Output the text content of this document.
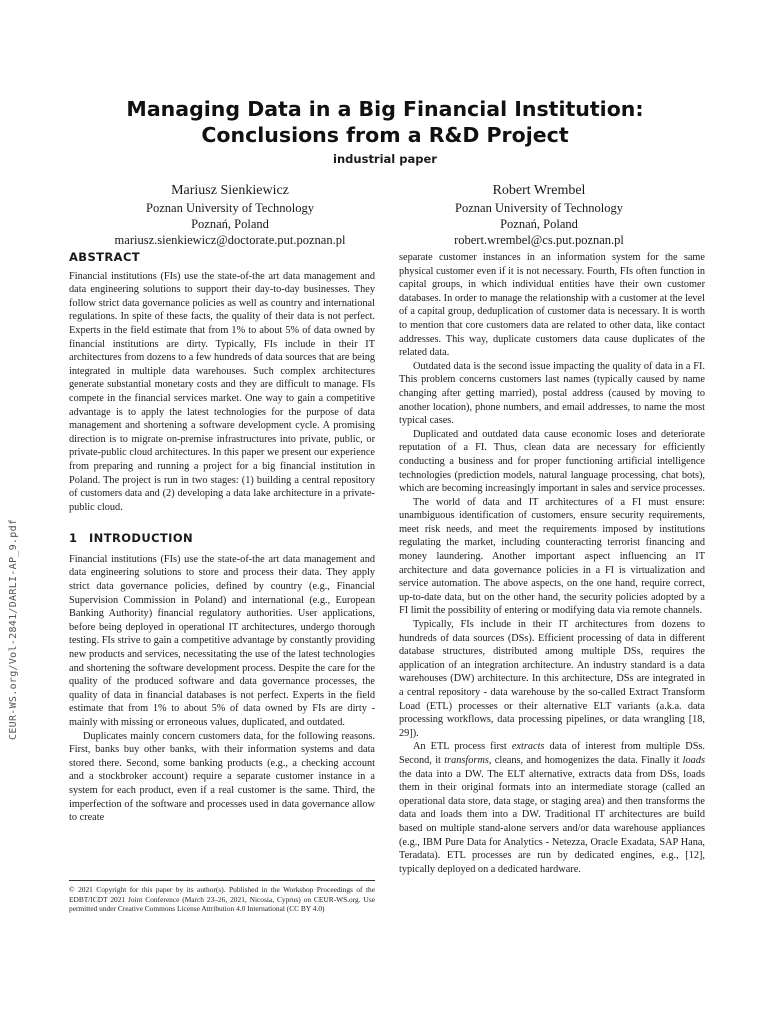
CEUR-WS.org/Vol-2841/DARLI-AP_9.pdf
Managing Data in a Big Financial Institution:
Conclusions from a R&D Project
industrial paper
Mariusz Sienkiewicz
Poznan University of Technology
Poznań, Poland
mariusz.sienkiewicz@doctorate.put.poznan.pl
Robert Wrembel
Poznan University of Technology
Poznań, Poland
robert.wrembel@cs.put.poznan.pl
ABSTRACT

Financial institutions (FIs) use the state-of-the art data management and data engineering solutions to support their day-to-day businesses. They follow strict data governance policies as well as country and international regulations. In spite of these facts, the quality of their data is not perfect. Experts in the field estimate that from 1% to about 5% of data owned by financial institutions are dirty. Typically, FIs include in their IT architectures from dozens to a few hundreds of data sources that are being integrated in multiple data warehouses. Such complex architectures generate substantial monetary costs and they are difficult to manage. FIs compete in the financial services market. One way to gain a competitive advantage is to apply the latest technologies for the purpose of data management and shortening a software development cycle. A promising direction is to migrate on-premise infrastructures into private, public, or private-public cloud architectures. In this paper we present our experience from preparing and running a project for a big financial institution in Poland. The project is run in two stages: (1) building a central repository of customers data and (2) developing a data lake architecture in a private-public cloud.

1	INTRODUCTION

Financial institutions (FIs) use the state-of-the art data management and data engineering solutions to store and process their data. They apply strict data governance policies, defined by country (e.g., Financial Supervision Commission in Poland) and international (e.g., European Banking Authority) financial regulatory authorities. User applications, before being deployed in operational IT architectures, undergo thorough testing. FIs strive to gain a competitive advantage by constantly providing new products and services, necessitating the use of the latest technologies and shortening the software development process. Despite the care for the quality of the produced software and data governance processes, the quality of data in financial databases is not perfect. Experts in the field estimate that from 1% to about 5% of data owned by FIs are dirty - mainly with missing or erroneous values, duplicated, and outdated.

Duplicates mainly concern customers data, for the following reasons. First, banks buy other banks, with their information systems and data stored there. Second, some banking products (e.g., a checking account and a stockbroker account) require a separate customer instance in a system for each product, even if a real customer is the same. Third, the imperfection of the software and processes used in data governance allow to create

separate customer instances in an information system for the same physical customer even if it is not necessary. Fourth, FIs often function in capital groups, in which individual entities have their own customer databases. In order to manage the relationship with a customer at the level of a capital group, deduplication of customer data is necessary. It is worth to mention that core customers data are related to other data, like contact addresses. This way, duplicate customers data cause duplicates of the related data.

Outdated data is the second issue impacting the quality of data in a FI. This problem concerns customers last names (typically caused by name changing after getting married), postal address (caused by moving to another location), phone numbers, and email addresses, to name the most typical cases.

Duplicated and outdated data cause economic loses and deteriorate reputation of a FI. Thus, clean data are necessary for efficiently conducting a business and for proper functioning artificial intelligence technologies (prediction models, natural language processing, chat bots), which are becoming increasingly important in sales and service processes.

The world of data and IT architectures of a FI must ensure: unambiguous identification of customers, ensure security requirements, meet risk needs, and meet the requirements imposed by institutions regulating the market, including counteracting terrorist financing and money laundering. Another important aspect influencing an IT architecture and data governance policies in a FI is virtualization and service automation. The above aspects, on the one hand, require correct, up-to-date data, but on the other hand, the security policies adopted by a FI limit the possibility of entering or modifying data via remote channels.

Typically, FIs include in their IT architectures from dozens to hundreds of data sources (DSs). Efficient processing of data in different database structures, distributed among multiple DSs, requires the application of an integration architecture. An industry standard is a data warehouses (DW) architecture. In this architecture, DSs are integrated in a central repository - data warehouse by the so-called Extract Transform Load (ETL) processes or their alternative ELT variants (a.k.a. data processing workflows, data processing pipelines, or data wrangling [18, 29]).

An ETL process first extracts data of interest from multiple DSs. Second, it transforms, cleans, and homogenizes the data. Finally it loads the data into a DW. The ELT alternative, extracts data from DSs, loads them in their original formats into an intermediate storage (called an operational data store, data stage, or staging area) and then transforms the data and loads them into a DW. Traditional IT architectures are build based on multiple stand-alone servers and/or data warehouse appliances (e.g., IBM Pure Data for Analytics - Netezza, Oracle Exadata, SAP Hana, Teradata). ETL processes are run by dedicated engines, e.g., [12], typically deployed on a dedicated hardware.

© 2021 Copyright for this paper by its author(s). Published in the Workshop Proceedings of the EDBT/ICDT 2021 Joint Conference (March 23–26, 2021, Nicosia, Cyprus) on CEUR-WS.org. Use permitted under Creative Commons License Attribution 4.0 International (CC BY 4.0)
